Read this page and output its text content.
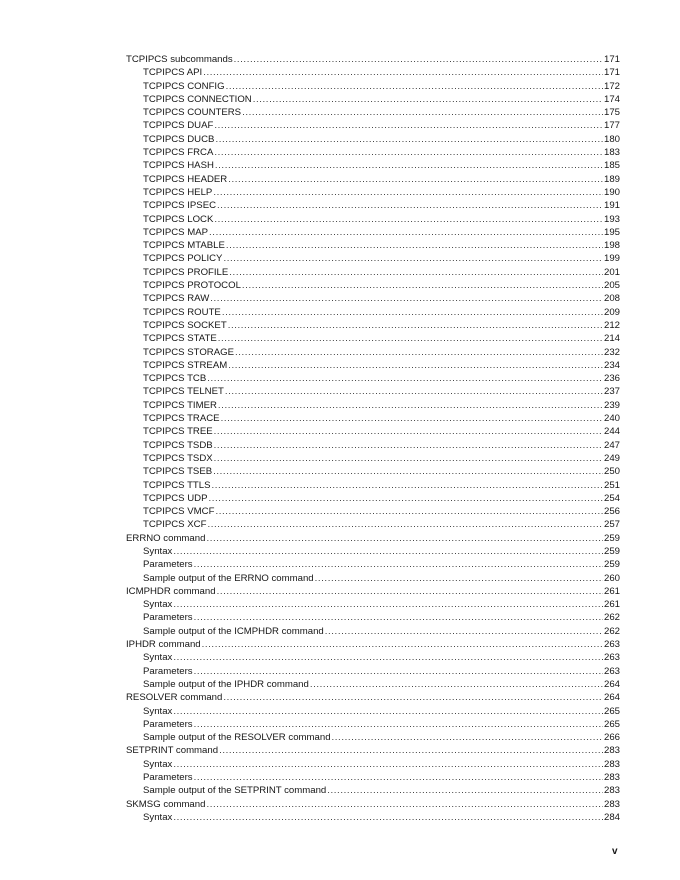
TCPIPCS subcommands .....	171
TCPIPCS API .....	171
TCPIPCS CONFIG .....	172
TCPIPCS CONNECTION .....	174
TCPIPCS COUNTERS .....	175
TCPIPCS DUAF .....	177
TCPIPCS DUCB .....	180
TCPIPCS FRCA .....	183
TCPIPCS HASH .....	185
TCPIPCS HEADER .....	189
TCPIPCS HELP .....	190
TCPIPCS IPSEC .....	191
TCPIPCS LOCK .....	193
TCPIPCS MAP .....	195
TCPIPCS MTABLE .....	198
TCPIPCS POLICY .....	199
TCPIPCS PROFILE .....	201
TCPIPCS PROTOCOL .....	205
TCPIPCS RAW .....	208
TCPIPCS ROUTE .....	209
TCPIPCS SOCKET .....	212
TCPIPCS STATE .....	214
TCPIPCS STORAGE .....	232
TCPIPCS STREAM .....	234
TCPIPCS TCB .....	236
TCPIPCS TELNET .....	237
TCPIPCS TIMER .....	239
TCPIPCS TRACE .....	240
TCPIPCS TREE .....	244
TCPIPCS TSDB .....	247
TCPIPCS TSDX .....	249
TCPIPCS TSEB .....	250
TCPIPCS TTLS .....	251
TCPIPCS UDP .....	254
TCPIPCS VMCF .....	256
TCPIPCS XCF .....	257
ERRNO command .....	259
Syntax .....	259
Parameters .....	259
Sample output of the ERRNO command .....	260
ICMPHDR command .....	261
Syntax .....	261
Parameters .....	262
Sample output of the ICMPHDR command .....	262
IPHDR command .....	263
Syntax .....	263
Parameters .....	263
Sample output of the IPHDR command .....	264
RESOLVER command .....	264
Syntax .....	265
Parameters .....	265
Sample output of the RESOLVER command .....	266
SETPRINT command .....	283
Syntax .....	283
Parameters .....	283
Sample output of the SETPRINT command .....	283
SKMSG command .....	283
Syntax .....	284
v
